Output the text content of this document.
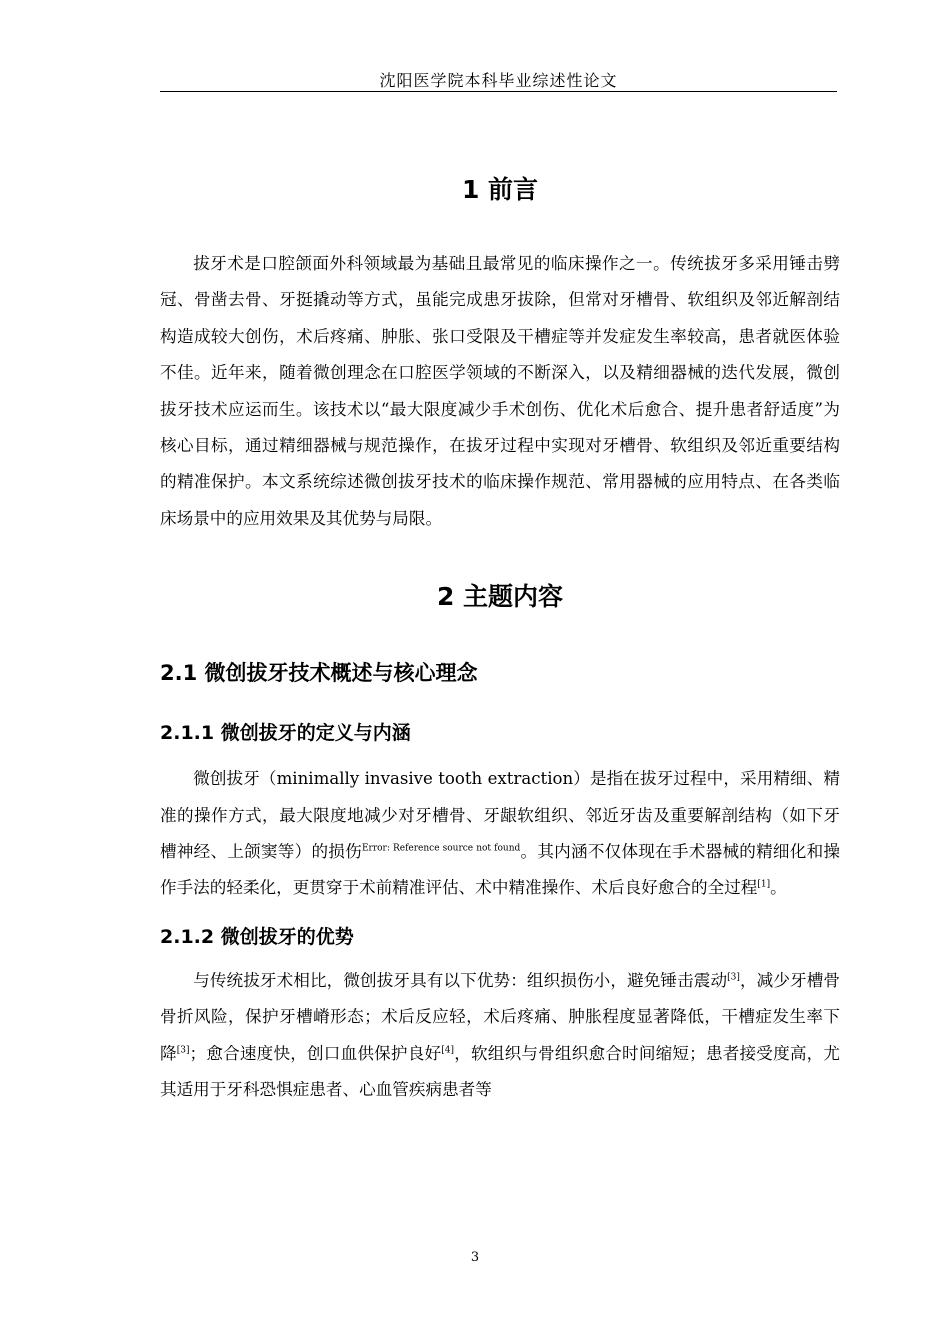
沈阳医学院本科毕业综述性论文
1 前言

拔牙术是口腔颌面外科领域最为基础且最常见的临床操作之一。传统拔牙多采用锤击劈冠、骨凿去骨、牙挺撬动等方式，虽能完成患牙拔除，但常对牙槽骨、软组织及邻近解剖结构造成较大创伤，术后疼痛、肿胀、张口受限及干槽症等并发症发生率较高，患者就医体验不佳。近年来，随着微创理念在口腔医学领域的不断深入，以及精细器械的迭代发展，微创拔牙技术应运而生。该技术以“最大限度减少手术创伤、优化术后愈合、提升患者舒适度”为核心目标，通过精细器械与规范操作，在拔牙过程中实现对牙槽骨、软组织及邻近重要结构的精准保护。本文系统综述微创拔牙技术的临床操作规范、常用器械的应用特点、在各类临床场景中的应用效果及其优势与局限。

2 主题内容
2.1 微创拔牙技术概述与核心理念
2.1.1 微创拔牙的定义与内涵

微创拔牙（minimally invasive tooth extraction）是指在拔牙过程中，采用精细、精准的操作方式，最大限度地减少对牙槽骨、牙龈软组织、邻近牙齿及重要解剖结构（如下牙槽神经、上颌窦等）的损伤$^{Error: Reference source not found}$。其内涵不仅体现在手术器械的精细化和操作手法的轻柔化，更贯穿于术前精准评估、术中精准操作、术后良好愈合的全过程[1]。

2.1.2 微创拔牙的优势

与传统拔牙术相比，微创拔牙具有以下优势：组织损伤小，避免锤击震动[3]，减少牙槽骨骨折风险，保护牙槽嵴形态；术后反应轻，术后疼痛、肿胀程度显著降低，干槽症发生率下降[3]；愈合速度快，创口血供保护良好[4]，软组织与骨组织愈合时间缩短；患者接受度高，尤其适用于牙科恐惧症患者、心血管疾病患者等

3
